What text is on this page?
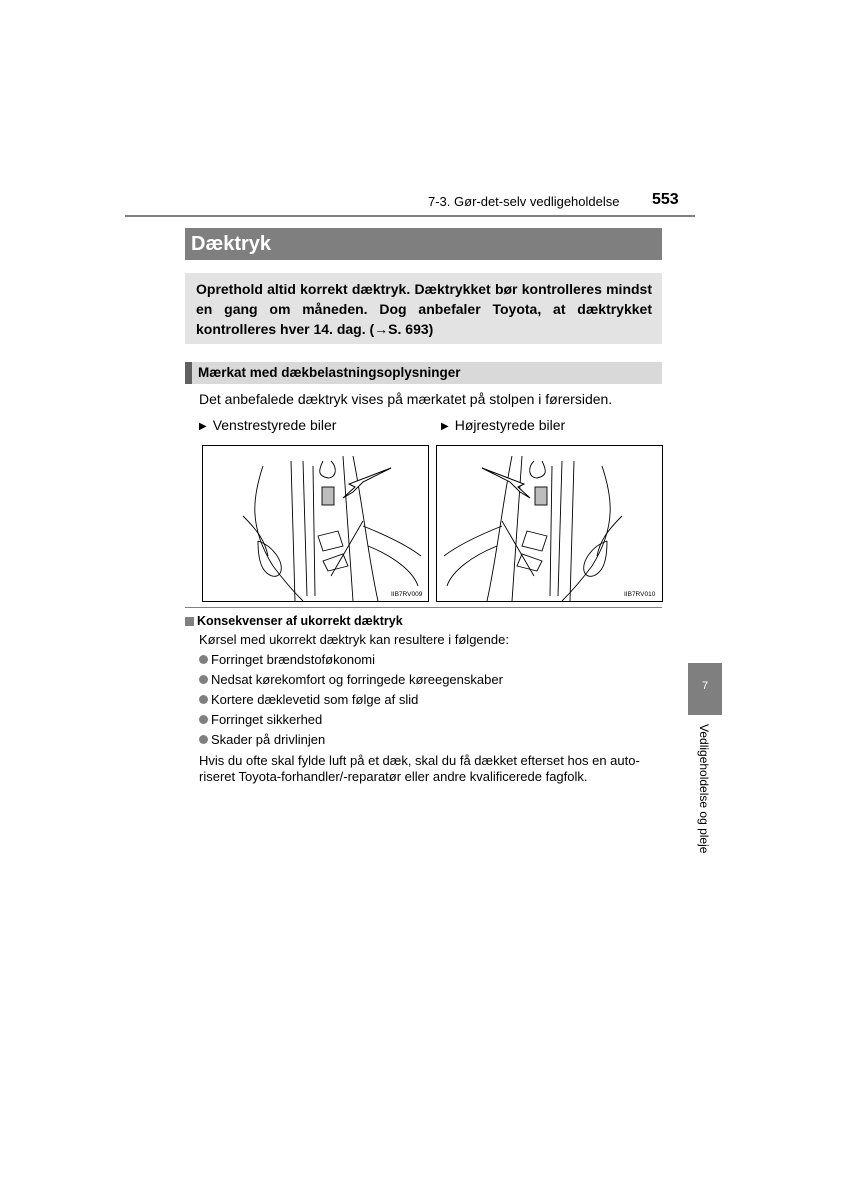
7-3. Gør-det-selv vedligeholdelse 553
Dæktryk
Oprethold altid korrekt dæktryk. Dæktrykket bør kontrolleres mindst en gang om måneden. Dog anbefaler Toyota, at dæktrykket kontrolleres hver 14. dag. (→S. 693)
Mærkat med dækbelastningsoplysninger
Det anbefalede dæktryk vises på mærkatet på stolpen i førersiden.
▶ Venstrestyrede biler	▶ Højrestyrede biler
IIB7RV009	IIB7RV010
Konsekvenser af ukorrekt dæktryk
Kørsel med ukorrekt dæktryk kan resultere i følgende:
Forringet brændstoføkonomi
Nedsat kørekomfort og forringede køreegenskaber
Kortere dæklevetid som følge af slid
Forringet sikkerhed
Skader på drivlinjen
Hvis du ofte skal fylde luft på et dæk, skal du få dækket efterset hos en auto-
riseret Toyota-forhandler/-reparatør eller andre kvalificerede fagfolk.
7
Vedligeholdelse og pleje
